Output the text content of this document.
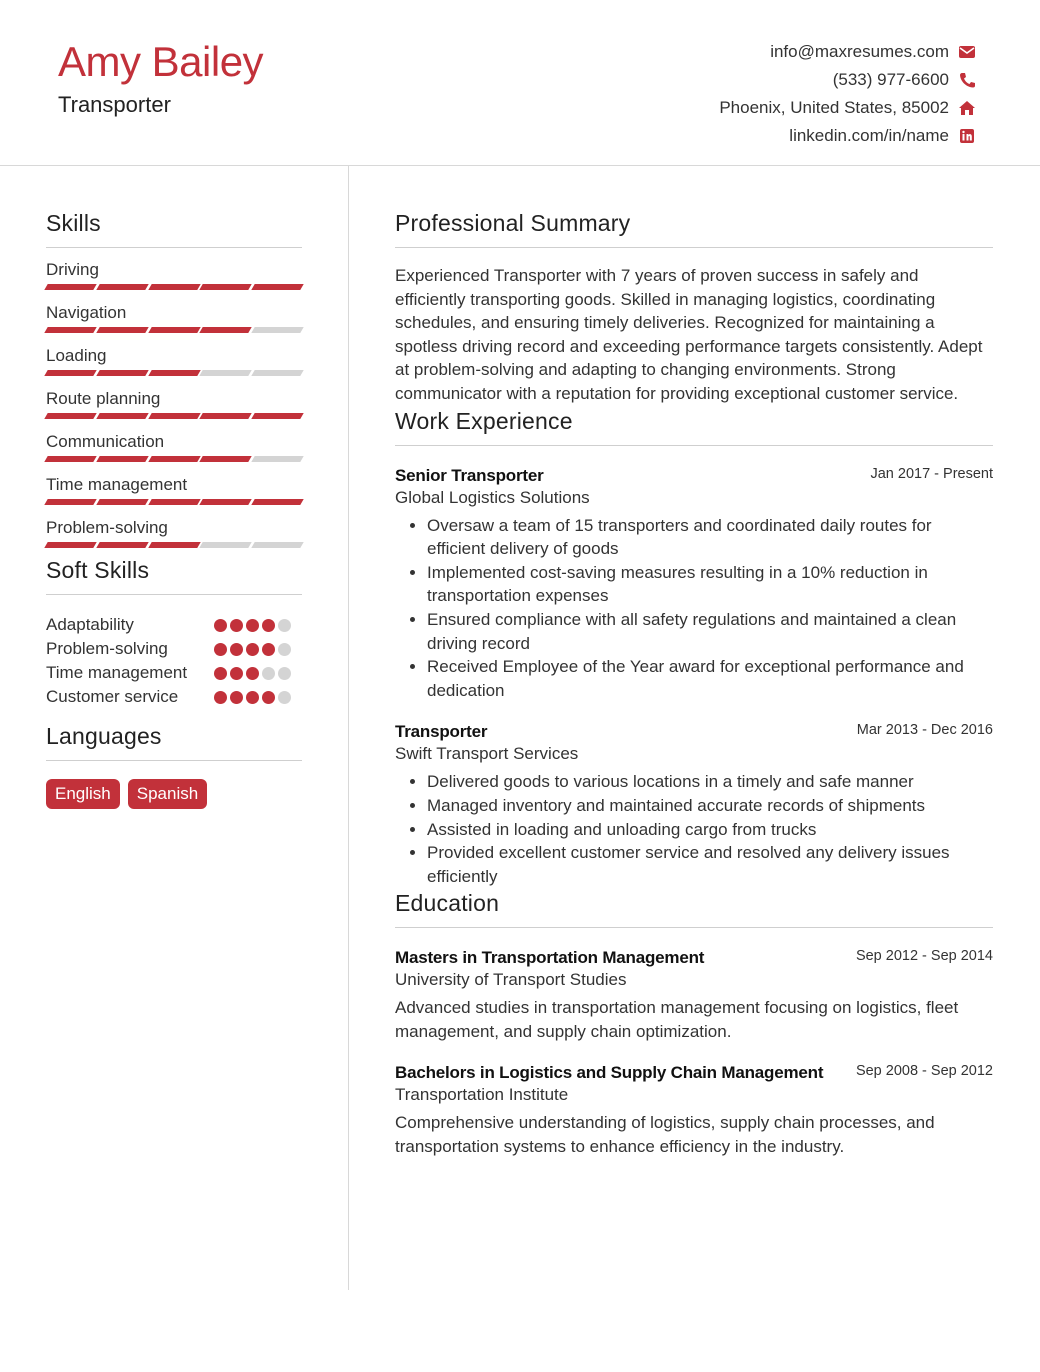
Amy Bailey
Transporter
info@maxresumes.com
(533) 977-6600
Phoenix, United States, 85002
linkedin.com/in/name
Skills
Driving
Navigation
Loading
Route planning
Communication
Time management
Problem-solving
Soft Skills
Adaptability
Problem-solving
Time management
Customer service
Languages
English	Spanish
Professional Summary
Experienced Transporter with 7 years of proven success in safely and efficiently transporting goods. Skilled in managing logistics, coordinating schedules, and ensuring timely deliveries. Recognized for maintaining a spotless driving record and exceeding performance targets consistently. Adept at problem-solving and adapting to changing environments. Strong communicator with a reputation for providing exceptional customer service.
Work Experience
Senior Transporter	Jan 2017 - Present
Global Logistics Solutions
• Oversaw a team of 15 transporters and coordinated daily routes for efficient delivery of goods
• Implemented cost-saving measures resulting in a 10% reduction in transportation expenses
• Ensured compliance with all safety regulations and maintained a clean driving record
• Received Employee of the Year award for exceptional performance and dedication
Transporter	Mar 2013 - Dec 2016
Swift Transport Services
• Delivered goods to various locations in a timely and safe manner
• Managed inventory and maintained accurate records of shipments
• Assisted in loading and unloading cargo from trucks
• Provided excellent customer service and resolved any delivery issues efficiently
Education
Masters in Transportation Management	Sep 2012 - Sep 2014
University of Transport Studies
Advanced studies in transportation management focusing on logistics, fleet management, and supply chain optimization.
Bachelors in Logistics and Supply Chain Management Sep 2008 - Sep 2012
Transportation Institute
Comprehensive understanding of logistics, supply chain processes, and transportation systems to enhance efficiency in the industry.
